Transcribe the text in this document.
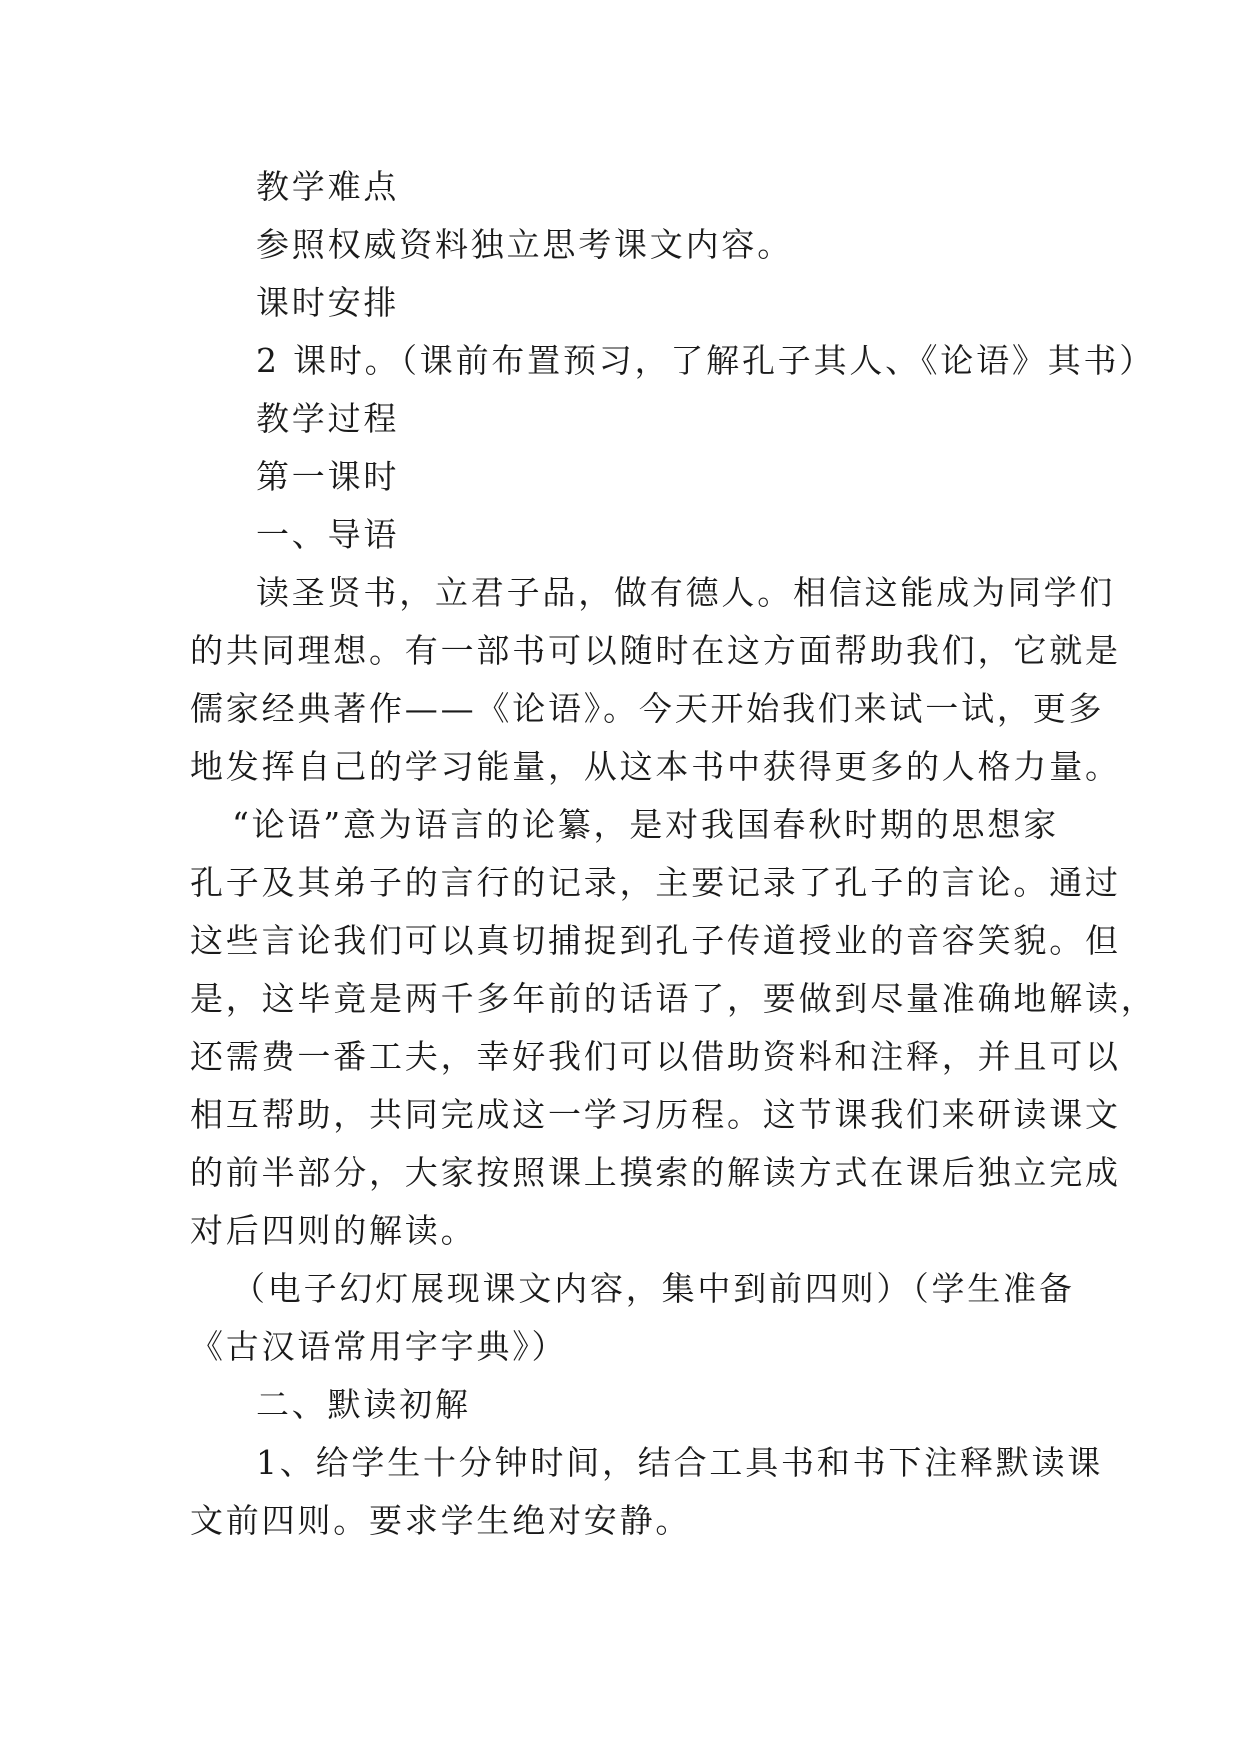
教学难点
参照权威资料独立思考课文内容。
课时安排
2 课时。（课前布置预习，了解孔子其人、《论语》其书）
教学过程
第一课时
一、导语
读圣贤书，立君子品，做有德人。相信这能成为同学们
的共同理想。有一部书可以随时在这方面帮助我们，它就是
儒家经典著作——《论语》。今天开始我们来试一试，更多
地发挥自己的学习能量，从这本书中获得更多的人格力量。
“论语”意为语言的论纂，是对我国春秋时期的思想家
孔子及其弟子的言行的记录，主要记录了孔子的言论。通过
这些言论我们可以真切捕捉到孔子传道授业的音容笑貌。但
是，这毕竟是两千多年前的话语了，要做到尽量准确地解读，
还需费一番工夫，幸好我们可以借助资料和注释，并且可以
相互帮助，共同完成这一学习历程。这节课我们来研读课文
的前半部分，大家按照课上摸索的解读方式在课后独立完成
对后四则的解读。
（电子幻灯展现课文内容，集中到前四则）（学生准备
《古汉语常用字字典》）
二、默读初解
1、给学生十分钟时间，结合工具书和书下注释默读课
文前四则。要求学生绝对安静。
